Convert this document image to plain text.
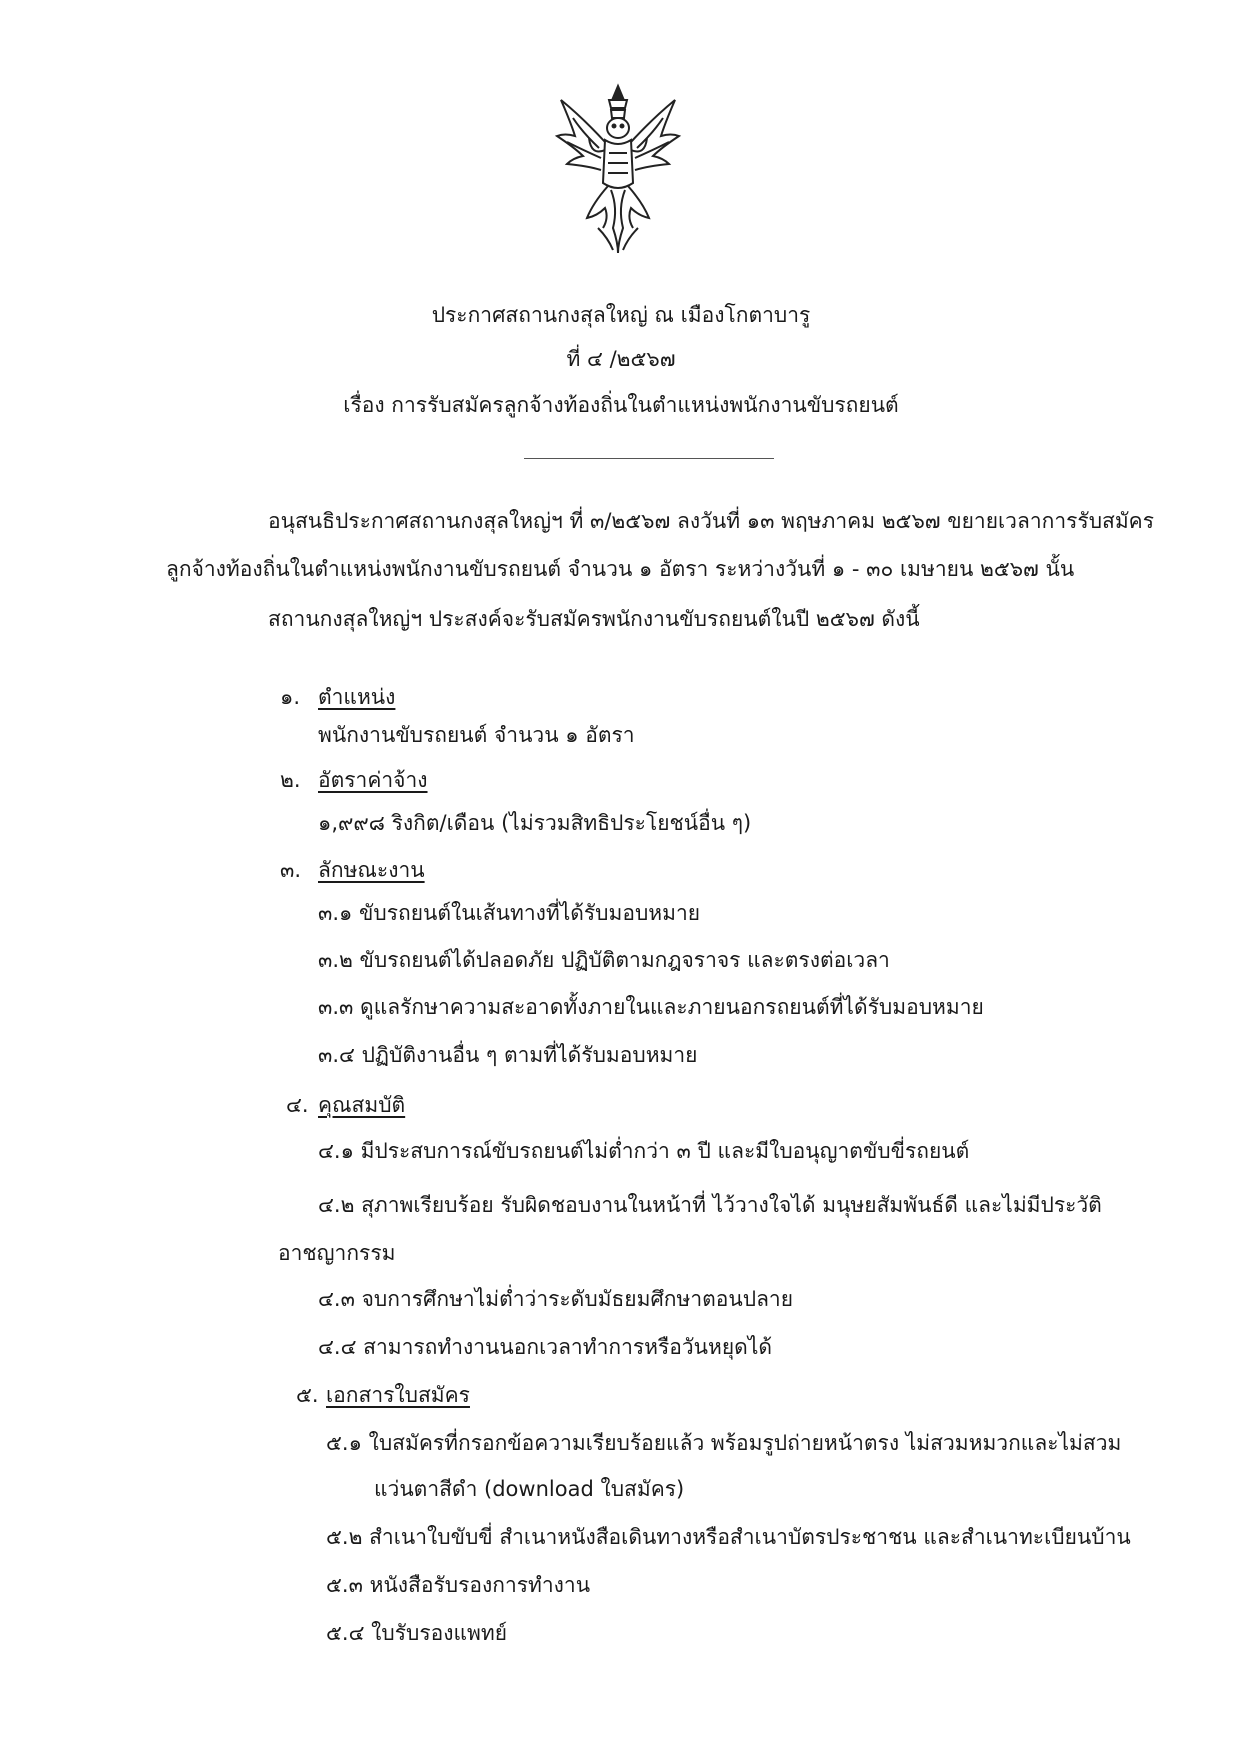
ประกาศสถานกงสุลใหญ่ ณ เมืองโกตาบารู
ที่ ๔ /๒๕๖๗
เรื่อง การรับสมัครลูกจ้างท้องถิ่นในตำแหน่งพนักงานขับรถยนต์
อนุสนธิประกาศสถานกงสุลใหญ่ฯ ที่ ๓/๒๕๖๗ ลงวันที่ ๑๓ พฤษภาคม ๒๕๖๗ ขยายเวลาการรับสมัคร
ลูกจ้างท้องถิ่นในตำแหน่งพนักงานขับรถยนต์ จำนวน ๑ อัตรา ระหว่างวันที่ ๑ - ๓๐ เมษายน ๒๕๖๗ นั้น
สถานกงสุลใหญ่ฯ ประสงค์จะรับสมัครพนักงานขับรถยนต์ในปี ๒๕๖๗ ดังนี้
๑. ตำแหน่ง
พนักงานขับรถยนต์ จำนวน ๑ อัตรา
๒. อัตราค่าจ้าง
๑,๙๙๘ ริงกิต/เดือน (ไม่รวมสิทธิประโยชน์อื่น ๆ)
๓. ลักษณะงาน
๓.๑ ขับรถยนต์ในเส้นทางที่ได้รับมอบหมาย
๓.๒ ขับรถยนต์ได้ปลอดภัย ปฏิบัติตามกฎจราจร และตรงต่อเวลา
๓.๓ ดูแลรักษาความสะอาดทั้งภายในและภายนอกรถยนต์ที่ได้รับมอบหมาย
๓.๔ ปฏิบัติงานอื่น ๆ ตามที่ได้รับมอบหมาย
๔. คุณสมบัติ
๔.๑ มีประสบการณ์ขับรถยนต์ไม่ต่ำกว่า ๓ ปี และมีใบอนุญาตขับขี่รถยนต์
๔.๒ สุภาพเรียบร้อย รับผิดชอบงานในหน้าที่ ไว้วางใจได้ มนุษยสัมพันธ์ดี และไม่มีประวัติ
อาชญากรรม
๔.๓ จบการศึกษาไม่ต่ำว่าระดับมัธยมศึกษาตอนปลาย
๔.๔ สามารถทำงานนอกเวลาทำการหรือวันหยุดได้
๕. เอกสารใบสมัคร
๕.๑ ใบสมัครที่กรอกข้อความเรียบร้อยแล้ว พร้อมรูปถ่ายหน้าตรง ไม่สวมหมวกและไม่สวม
แว่นตาสีดำ (download ใบสมัคร)
๕.๒ สำเนาใบขับขี่ สำเนาหนังสือเดินทางหรือสำเนาบัตรประชาชน และสำเนาทะเบียนบ้าน
๕.๓ หนังสือรับรองการทำงาน
๕.๔ ใบรับรองแพทย์
